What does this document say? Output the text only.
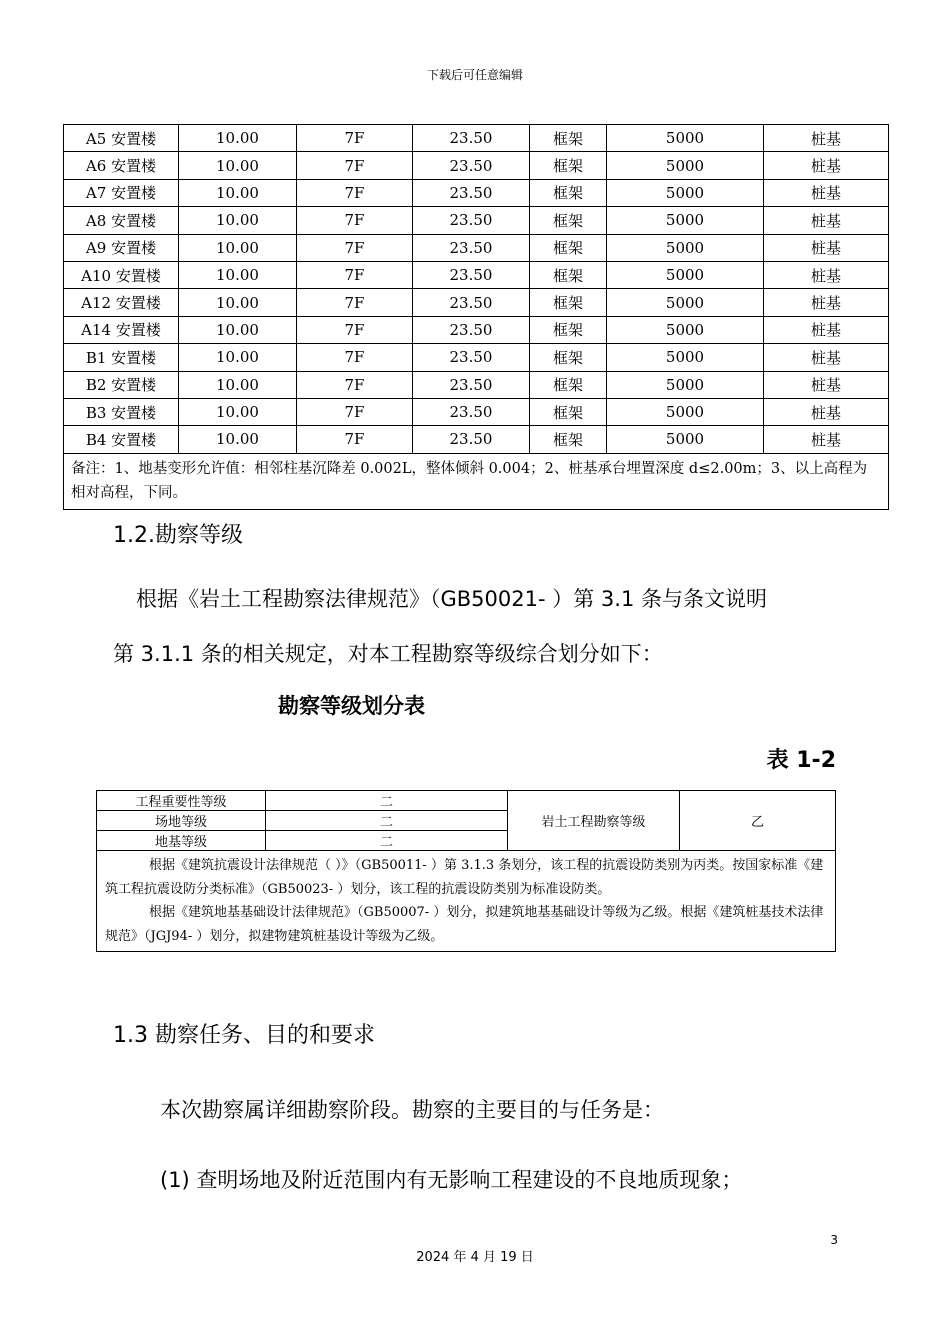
下载后可任意编辑
A5 安置楼	10.00	7F	23.50	框架	5000	桩基
A6 安置楼	10.00	7F	23.50	框架	5000	桩基
A7 安置楼	10.00	7F	23.50	框架	5000	桩基
A8 安置楼	10.00	7F	23.50	框架	5000	桩基
A9 安置楼	10.00	7F	23.50	框架	5000	桩基
A10 安置楼	10.00	7F	23.50	框架	5000	桩基
A12 安置楼	10.00	7F	23.50	框架	5000	桩基
A14 安置楼	10.00	7F	23.50	框架	5000	桩基
B1 安置楼	10.00	7F	23.50	框架	5000	桩基
B2 安置楼	10.00	7F	23.50	框架	5000	桩基
B3 安置楼	10.00	7F	23.50	框架	5000	桩基
B4 安置楼	10.00	7F	23.50	框架	5000	桩基
备注：1、地基变形允许值：相邻柱基沉降差 0.002L，整体倾斜 0.004；2、桩基承台埋置深度 d≤2.00m；3、以上高程为相对高程，下同。						
1.2.勘察等级
根据《岩土工程勘察法律规范》（GB50021- ）第 3.1 条与条文说明
第 3.1.1 条的相关规定，对本工程勘察等级综合划分如下：
勘察等级划分表
表 1-2
工程重要性等级	二	岩土工程勘察等级	乙
场地等级	二		
地基等级	二		

根据《建筑抗震设计法律规范（ ）》（GB50011- ）第 3.1.3 条划分，该工程的抗震设防类别为丙类。按国家标准《建筑工程抗震设防分类标准》（GB50023- ）划分，该工程的抗震设防类别为标准设防类。
根据《建筑地基基础设计法律规范》（GB50007- ）划分，拟建筑地基基础设计等级为乙级。根据《建筑桩基技术法律规范》（JGJ94- ）划分，拟建物建筑桩基设计等级为乙级。			
1.3 勘察任务、目的和要求
本次勘察属详细勘察阶段。勘察的主要目的与任务是：
(1) 查明场地及附近范围内有无影响工程建设的不良地质现象；
3
2024 年 4 月 19 日
